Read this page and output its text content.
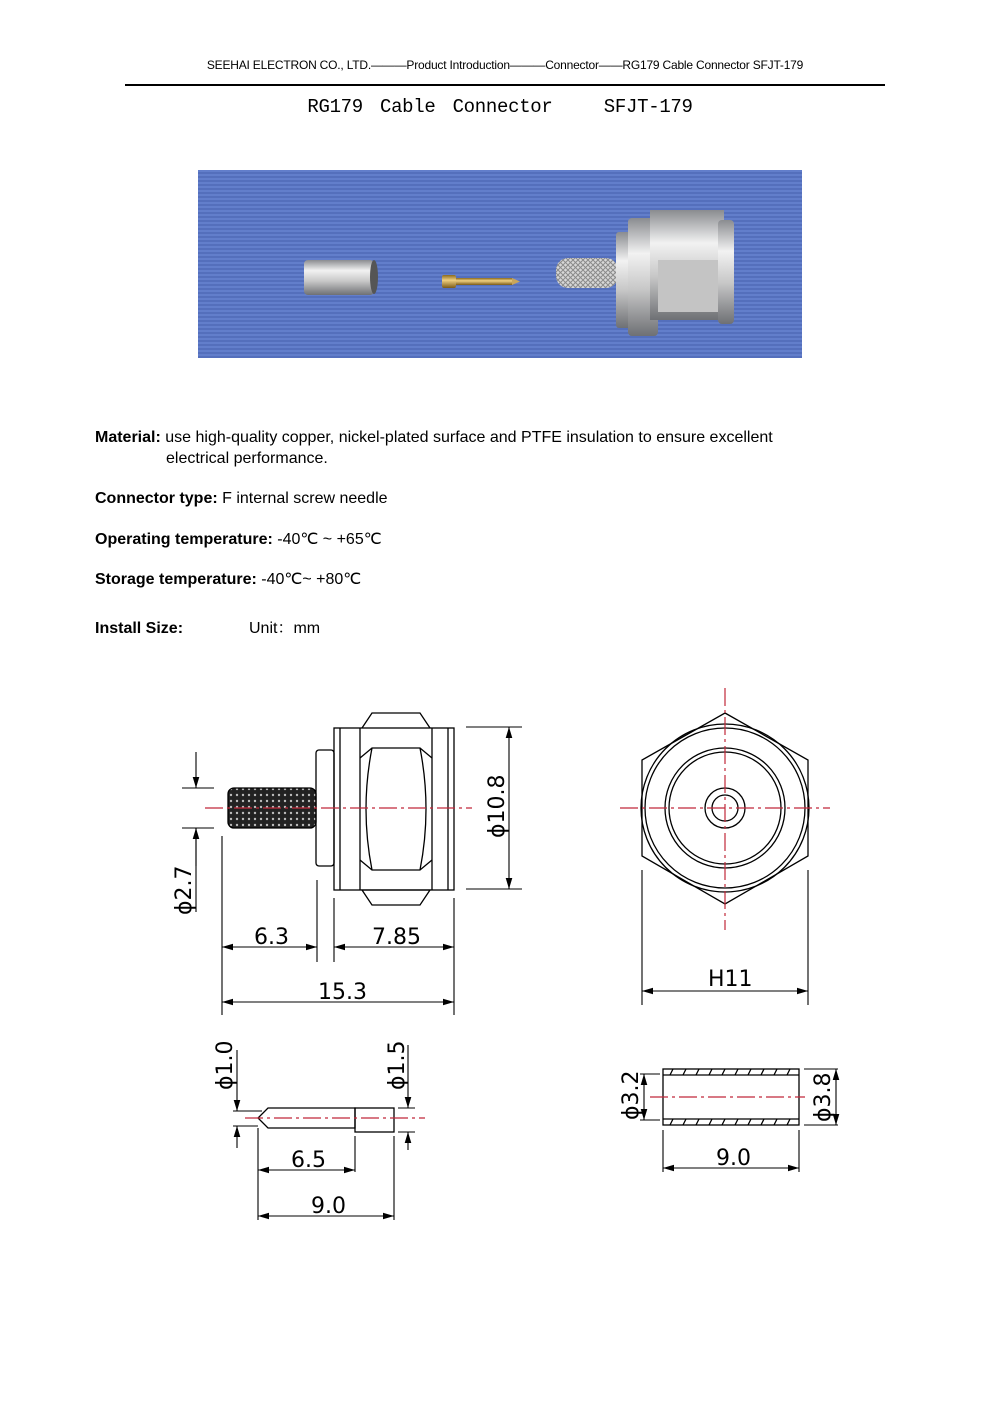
SEEHAI ELECTRON CO., LTD.———Product Introduction———Connector——RG179 Cable Connector SFJT-179
RG179 Cable Connector   SFJT-179
Material: use high-quality copper, nickel-plated surface and PTFE insulation to ensure excellent
electrical performance.
Connector type: F internal screw needle
Operating temperature: -40℃ ~ +65℃
Storage temperature: -40℃~ +80℃
Install Size:	Unit：mm
ϕ2.7
ϕ10.8
6.3	7.85
15.3
H11
ϕ1.0	ϕ1.5
6.5
9.0
ϕ3.2	ϕ3.8
9.0
